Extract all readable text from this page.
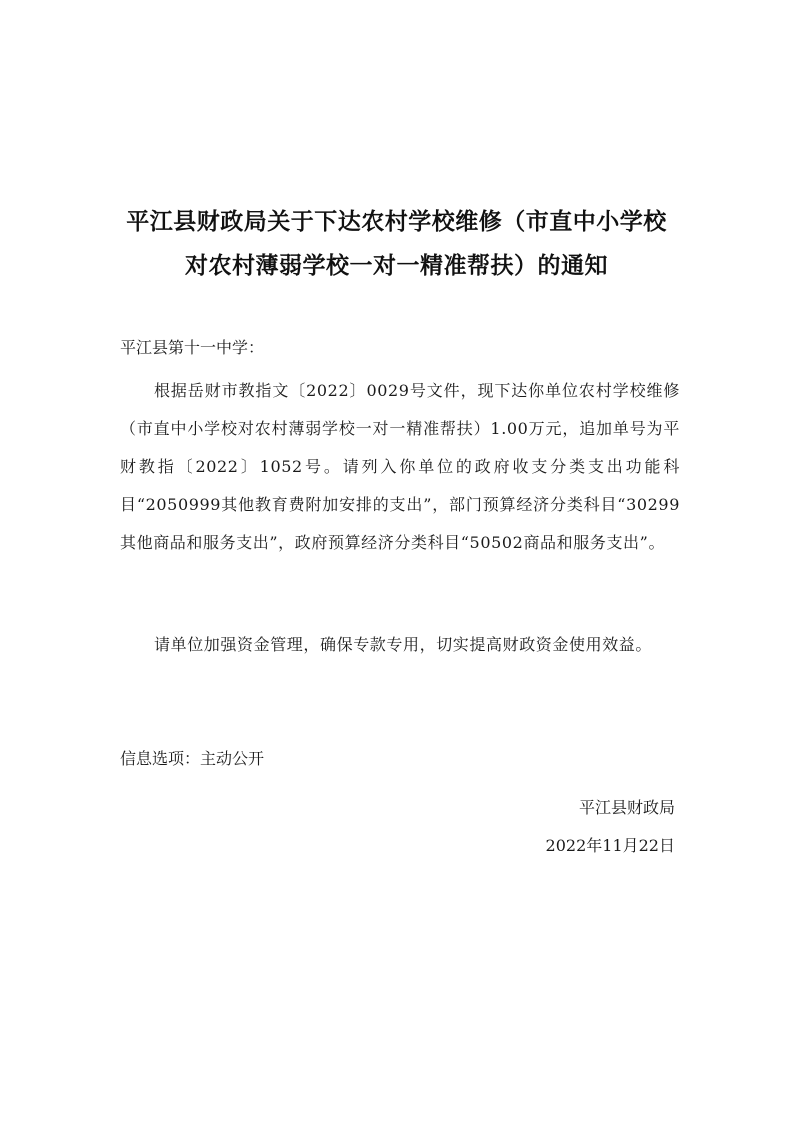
平江县财政局关于下达农村学校维修（市直中小学校
对农村薄弱学校一对一精准帮扶）的通知
平江县第十一中学：

根据岳财市教指文〔2022〕0029号文件，现下达你单位农村学校维修（市直中小学校对农村薄弱学校一对一精准帮扶）1.00万元，追加单号为平财教指〔2022〕1052号。请列入你单位的政府收支分类支出功能科目“2050999其他教育费附加安排的支出”，部门预算经济分类科目“30299其他商品和服务支出”，政府预算经济分类科目“50502商品和服务支出”。

请单位加强资金管理，确保专款专用，切实提高财政资金使用效益。

信息选项：主动公开
平江县财政局
2022年11月22日
